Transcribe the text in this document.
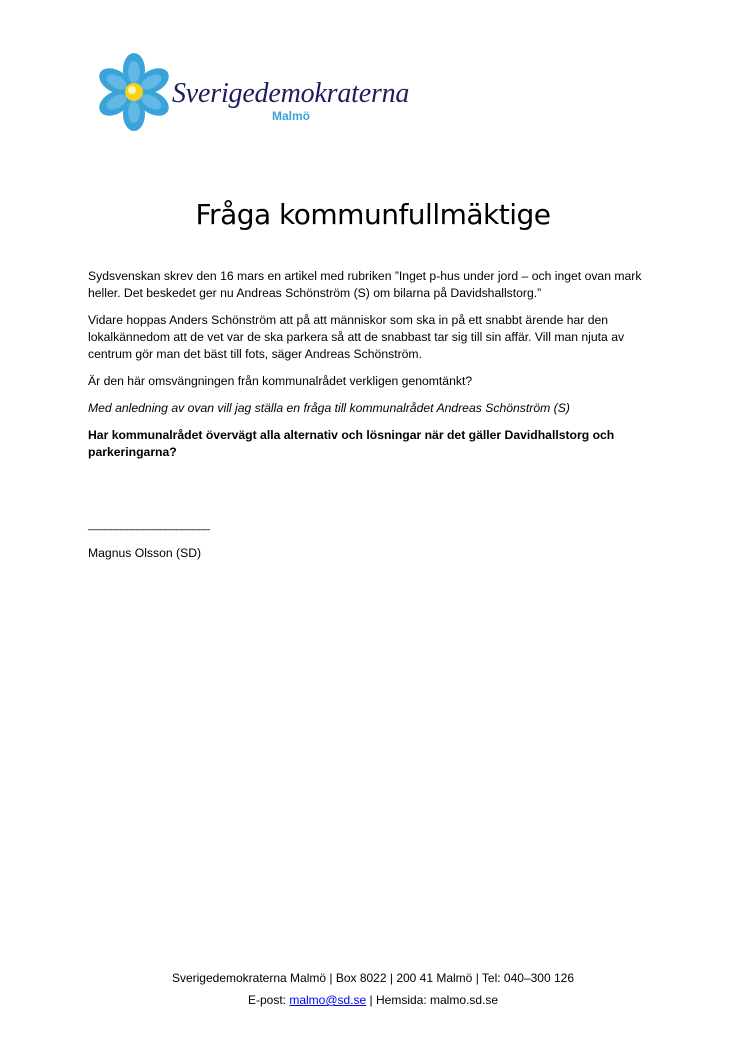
Sverigedemokraterna
Malmö
Fråga kommunfullmäktige

Sydsvenskan skrev den 16 mars en artikel med rubriken ”Inget p-hus under jord – och inget ovan mark heller. Det beskedet ger nu Andreas Schönström (S) om bilarna på Davidshallstorg.”

Vidare hoppas Anders Schönström att på att människor som ska in på ett snabbt ärende har den lokalkännedom att de vet var de ska parkera så att de snabbast tar sig till sin affär. Vill man njuta av centrum gör man det bäst till fots, säger Andreas Schönström.

Är den här omsvängningen från kommunalrådet verkligen genomtänkt?

Med anledning av ovan vill jag ställa en fråga till kommunalrådet Andreas Schönström (S)

Har kommunalrådet övervägt alla alternativ och lösningar när det gäller Davidhallstorg och parkeringarna?

______________________
Magnus Olsson (SD)
Sverigedemokraterna Malmö | Box 8022 | 200 41 Malmö | Tel: 040–300 126
E-post: malmo@sd.se | Hemsida: malmo.sd.se
